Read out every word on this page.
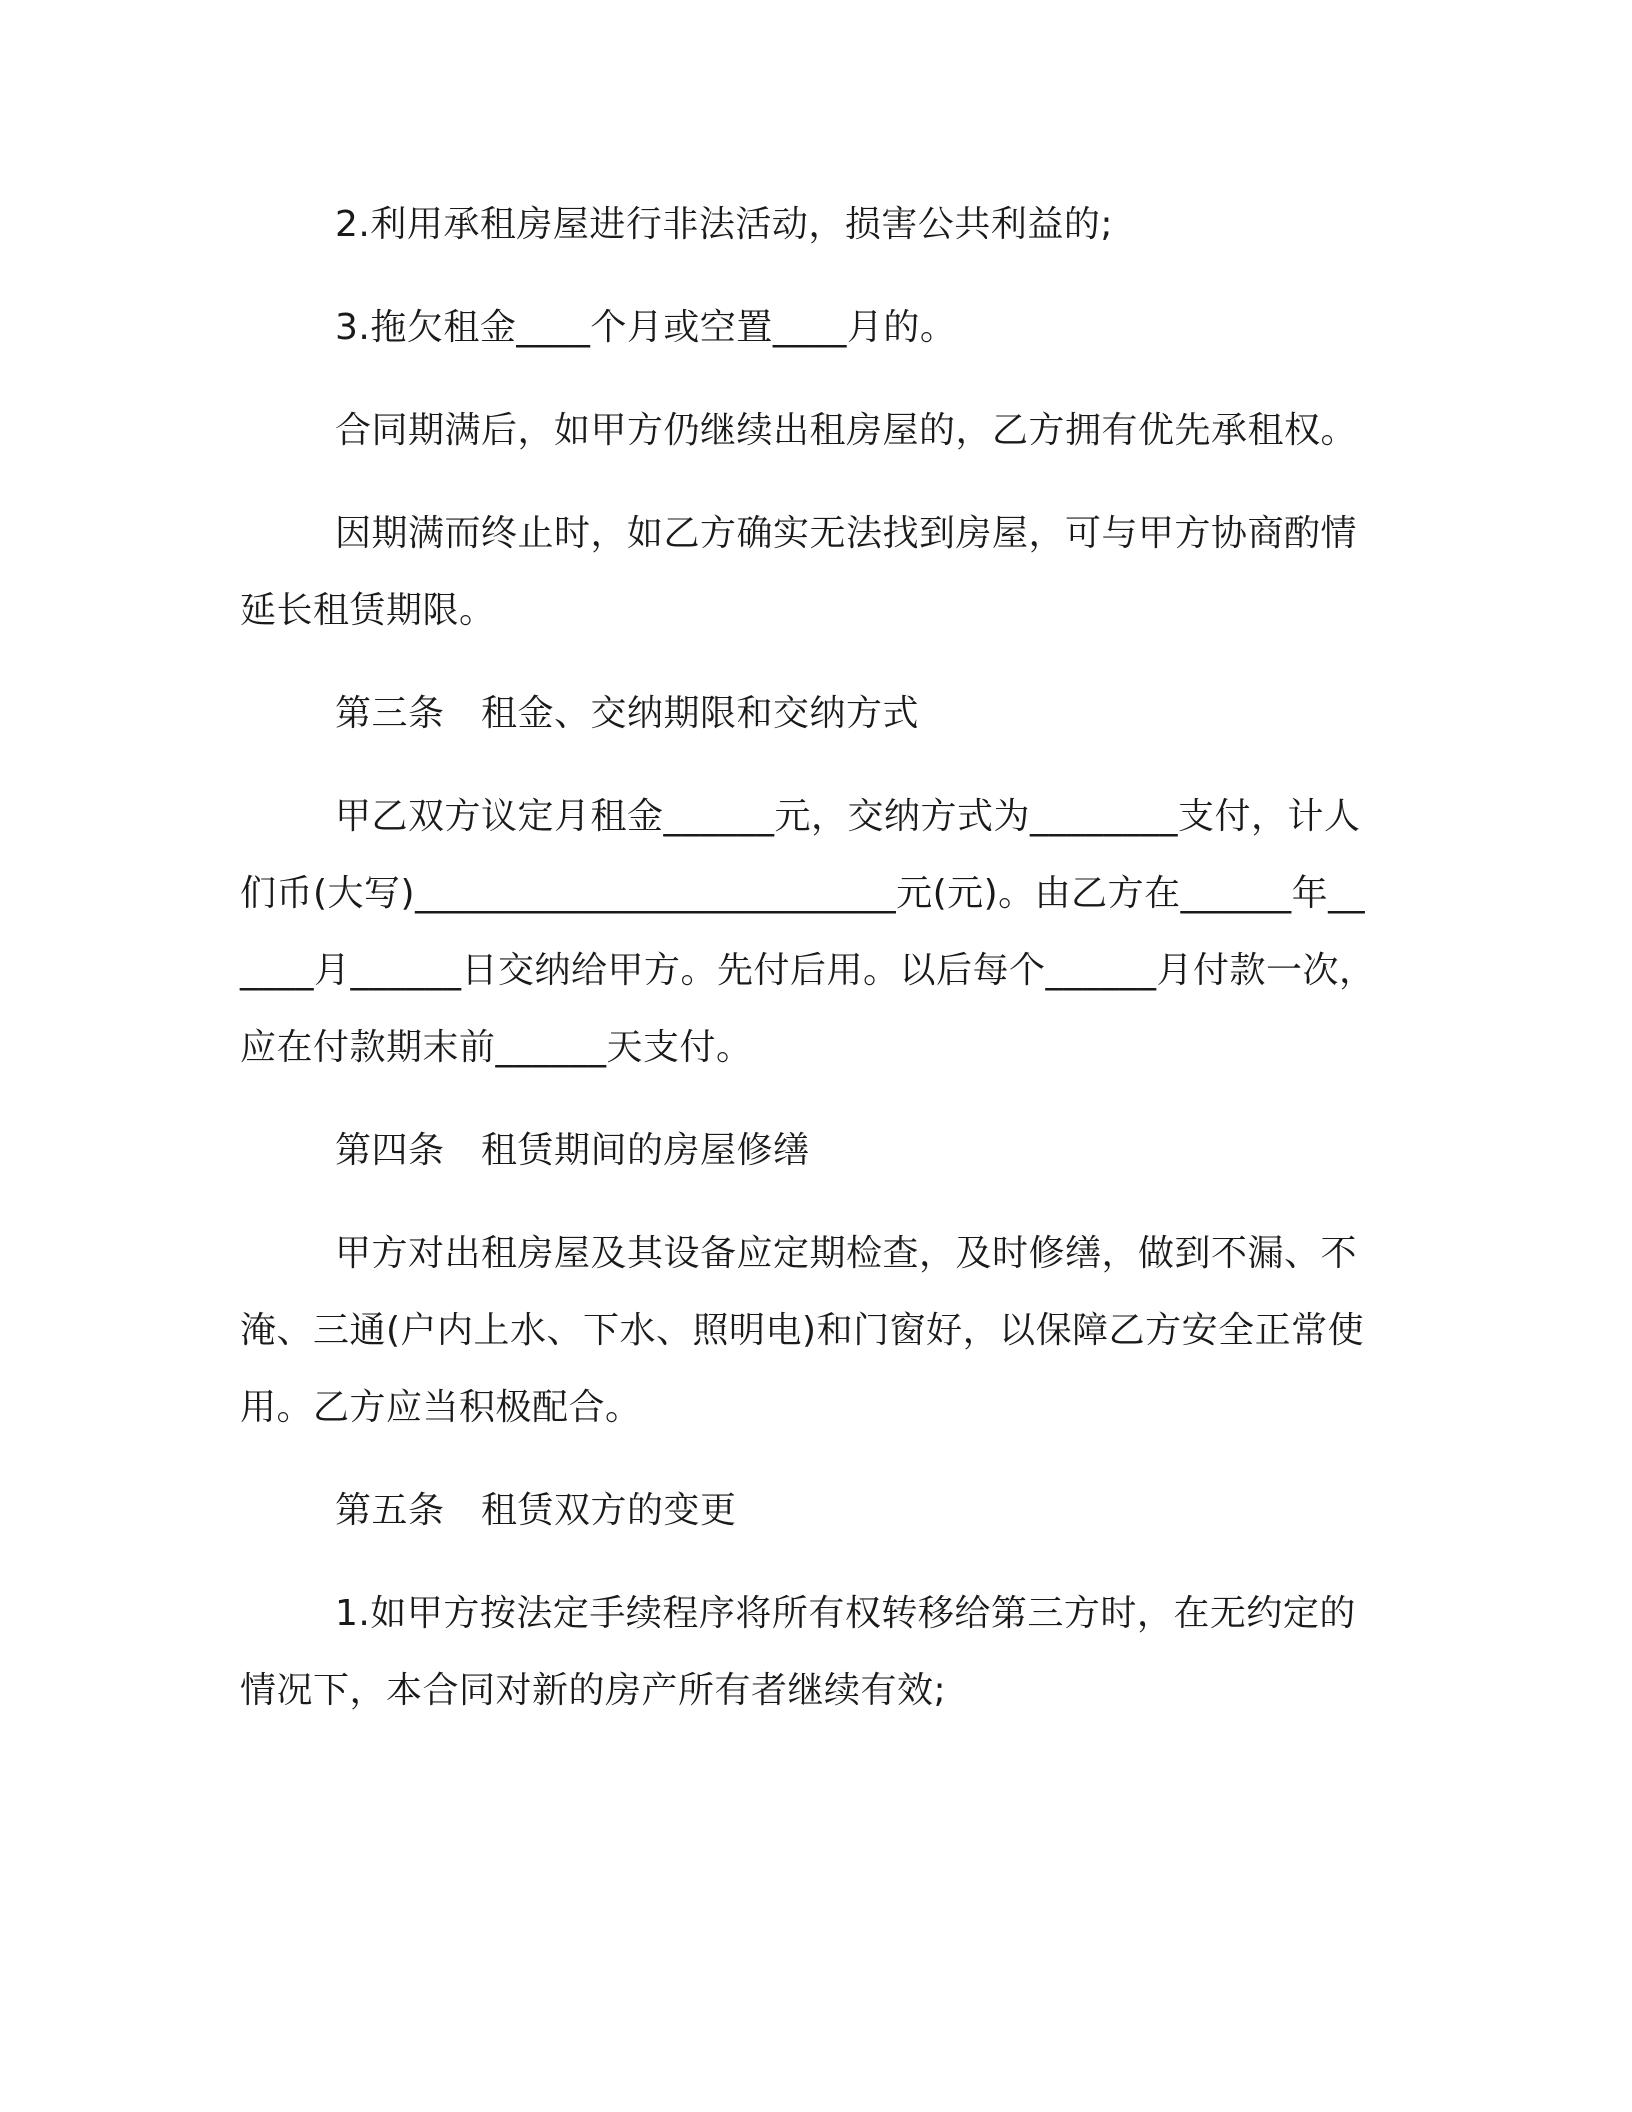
2.利用承租房屋进行非法活动，损害公共利益的;

3.拖欠租金____个月或空置____月的。

合同期满后，如甲方仍继续出租房屋的，乙方拥有优先承租权。

因期满而终止时，如乙方确实无法找到房屋，可与甲方协商酌情延长租赁期限。

第三条　租金、交纳期限和交纳方式

甲乙双方议定月租金______元，交纳方式为________支付，计人们币(大写)__________________________元(元)。由乙方在______年______月______日交纳给甲方。先付后用。以后每个______月付款一次，应在付款期末前______天支付。

第四条　租赁期间的房屋修缮

甲方对出租房屋及其设备应定期检查，及时修缮，做到不漏、不淹、三通(户内上水、下水、照明电)和门窗好，以保障乙方安全正常使用。乙方应当积极配合。

第五条　租赁双方的变更

1.如甲方按法定手续程序将所有权转移给第三方时，在无约定的情况下，本合同对新的房产所有者继续有效;
